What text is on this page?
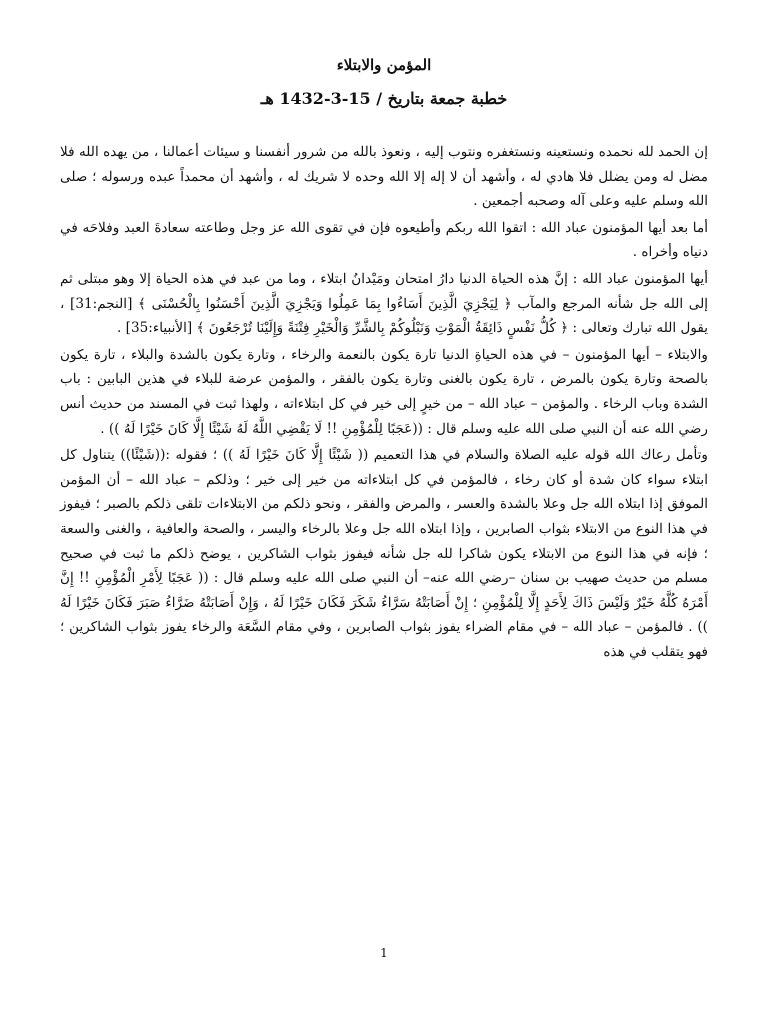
المؤمن والابتلاء
خطبة جمعة بتاريخ / 15-3-1432 هـ

إن الحمد لله نحمده ونستعينه ونستغفره ونتوب إليه ، ونعوذ بالله من شرور أنفسنا و سيئات أعمالنا ، من يهده الله فلا مضل له ومن يضلل فلا هادي له ، وأشهد أن لا إله إلا الله وحده لا شريك له ، وأشهد أن محمداً عبده ورسوله ؛ صلى الله وسلم عليه وعلى آله وصحبه أجمعين .

أما بعد أيها المؤمنون عباد الله : اتقوا الله ربكم وأطيعوه فإن في تقوى الله عز وجل وطاعته سعادةَ العبد وفلاحَه في دنياه وأخراه .

أيها المؤمنون عباد الله : إنَّ هذه الحياة الدنيا دارُ امتحان ومَيْدانُ ابتلاء ، وما من عبد في هذه الحياة إلا وهو مبتلى ثم إلى الله جل شأنه المرجع والمآب ﴿ لِيَجْزِيَ الَّذِينَ أَسَاءُوا بِمَا عَمِلُوا وَيَجْزِيَ الَّذِينَ أَحْسَنُوا بِالْحُسْنَى ﴾ [النجم:31] ، يقول الله تبارك وتعالى : ﴿ كُلُّ نَفْسٍ ذَائِقَةُ الْمَوْتِ وَنَبْلُوكُمْ بِالشَّرِّ وَالْخَيْرِ فِتْنَةً وَإِلَيْنَا تُرْجَعُونَ ﴾ [الأنبياء:35] .

والابتلاء – أيها المؤمنون – في هذه الحياةِ الدنيا تارة يكون بالنعمة والرخاء ، وتارة يكون بالشدة والبلاء ، تارة يكون بالصحة وتارة يكون بالمرض ، تارة يكون بالغنى وتارة يكون بالفقر ، والمؤمن عرضة للبلاء في هذين البابين : باب الشدة وباب الرخاء . والمؤمن – عباد الله – من خيرٍ إلى خير في كل ابتلاءاته ، ولهذا ثبت في المسند من حديث أنس رضي الله عنه أن النبي صلى الله عليه وسلم قال : ((عَجَبًا لِلْمُؤْمِنِ !! لَا يَقْضِي اللَّهُ لَهُ شَيْئًا إِلَّا كَانَ خَيْرًا لَهُ )) .

وتأمل رعاك الله قوله عليه الصلاة والسلام في هذا التعميم (( شَيْئًا إِلَّا كَانَ خَيْرًا لَهُ )) ؛ فقوله :((شَيْئًا)) يتناول كل ابتلاء سواء كان شدة أو كان رخاء ، فالمؤمن في كل ابتلاءاته من خير إلى خير ؛ وذلكم – عباد الله – أن المؤمن الموفق إذا ابتلاه الله جل وعلا بالشدة والعسر ، والمرض والفقر ، ونحو ذلكم من الابتلاءات تلقى ذلكم بالصبر ؛ فيفوز في هذا النوع من الابتلاء بثواب الصابرين ، وإذا ابتلاه الله جل وعلا بالرخاء واليسر ، والصحة والعافية ، والغنى والسعة ؛ فإنه في هذا النوع من الابتلاء يكون شاكرا لله جل شأنه فيفوز بثواب الشاكرين ، يوضح ذلكم ما ثبت في صحيح مسلم من حديث صهيب بن سنان –رضي الله عنه– أن النبي صلى الله عليه وسلم قال : (( عَجَبًا لِأَمْرِ الْمُؤْمِنِ !! إِنَّ أَمْرَهُ كُلَّهُ خَيْرٌ وَلَيْسَ ذَاكَ لِأَحَدٍ إِلَّا لِلْمُؤْمِنِ ؛ إِنْ أَصَابَتْهُ سَرَّاءُ شَكَرَ فَكَانَ خَيْرًا لَهُ ، وَإِنْ أَصَابَتْهُ ضَرَّاءُ صَبَرَ فَكَانَ خَيْرًا لَهُ )) . فالمؤمن – عباد الله – في مقام الضراء يفوز بثواب الصابرين ، وفي مقام السَّعَة والرخاء يفوز بثواب الشاكرين ؛ فهو يتقلب في هذه

1
